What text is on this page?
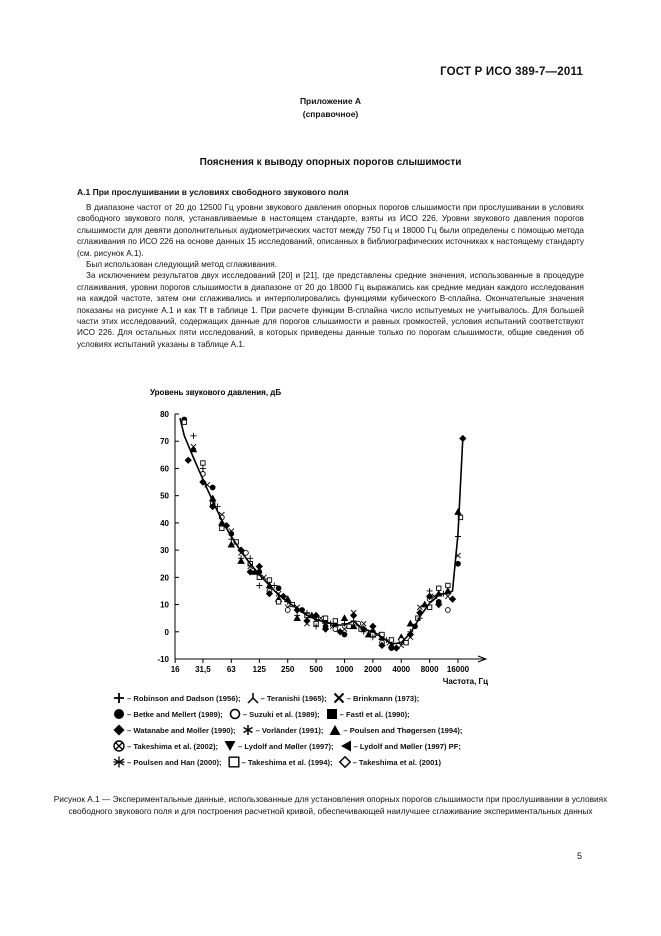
ГОСТ Р ИСО 389-7—2011
Приложение А
(справочное)
Пояснения к выводу опорных порогов слышимости
А.1 При прослушивании в условиях свободного звукового поля

В диапазоне частот от 20 до 12500 Гц уровни звукового давления опорных порогов слышимости при прослушивании в условиях свободного звукового поля, устанавливаемые в настоящем стандарте, взяты из ИСО 226. Уровни звукового давления порогов слышимости для девяти дополнительных аудиометрических частот между 750 Гц и 18000 Гц были определены с помощью метода сглаживания по ИСО 226 на основе данных 15 исследований, описанных в библиографических источниках к настоящему стандарту (см. рисунок А.1).

Был использован следующий метод сглаживания.

За исключением результатов двух исследований [20] и [21], где представлены средние значения, использованные в процедуре сглаживания, уровни порогов слышимости в диапазоне от 20 до 18000 Гц выражались как средние медиан каждого исследования на каждой частоте, затем они сглаживались и интерполировались функциями кубического В-сплайна. Окончательные значения показаны на рисунке А.1 и как Tf в таблице 1. При расчете функции В-сплайна число испытуемых не учитывалось. Для большей части этих исследований, содержащих данные для порогов слышимости и равных громкостей, условия испытаний соответствуют ИСО 226. Для остальных пяти исследований, в которых приведены данные только по порогам слышимости, общие сведения об условиях испытаний указаны в таблице А.1.

Уровень звукового давления, дБ
80
70
60
50
40
30
20
10
0
-10
16 31,5 63 125 250 500 1000 2000 4000 8000 16000
Частота, Гц
– Robinson and Dadson (1956);	– Teranishi (1965);	– Brinkmann (1973);
– Betke and Mellert (1989);	– Suzuki et al. (1989);	– Fastl et al. (1990);
– Watanabe and Moller (1990);	– Vorländer (1991);	– Poulsen and Thøgersen (1994);
– Takeshima et al. (2002);	– Lydolf and Møller (1997);	– Lydolf and Møller (1997) PF;
– Poulsen and Han (2000);	– Takeshima et al. (1994);	– Takeshima et al. (2001)
Рисунок А.1 — Экспериментальные данные, использованные для установления опорных порогов слышимости при прослушивании в условиях свободного звукового поля и для построения расчетной кривой, обеспечивающей наилучшее сглаживание экспериментальных данных
5
